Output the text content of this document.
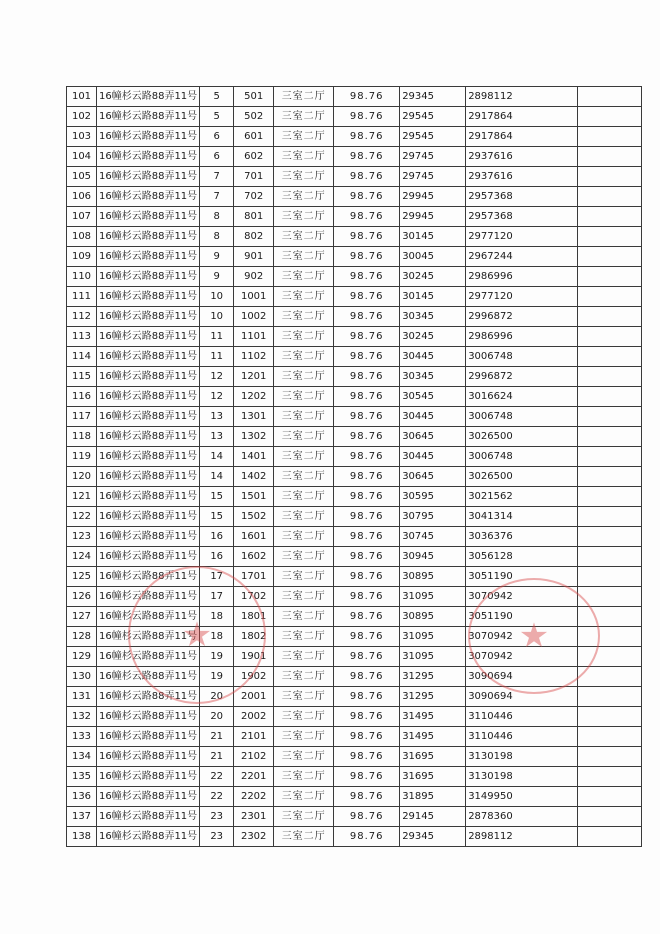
101	16幢杉云路88弄11号	5	501	三室二厅	98.76	29345	2898112	
102	16幢杉云路88弄11号	5	502	三室二厅	98.76	29545	2917864	
103	16幢杉云路88弄11号	6	601	三室二厅	98.76	29545	2917864	
104	16幢杉云路88弄11号	6	602	三室二厅	98.76	29745	2937616	
105	16幢杉云路88弄11号	7	701	三室二厅	98.76	29745	2937616	
106	16幢杉云路88弄11号	7	702	三室二厅	98.76	29945	2957368	
107	16幢杉云路88弄11号	8	801	三室二厅	98.76	29945	2957368	
108	16幢杉云路88弄11号	8	802	三室二厅	98.76	30145	2977120	
109	16幢杉云路88弄11号	9	901	三室二厅	98.76	30045	2967244	
110	16幢杉云路88弄11号	9	902	三室二厅	98.76	30245	2986996	
111	16幢杉云路88弄11号	10	1001	三室二厅	98.76	30145	2977120	
112	16幢杉云路88弄11号	10	1002	三室二厅	98.76	30345	2996872	
113	16幢杉云路88弄11号	11	1101	三室二厅	98.76	30245	2986996	
114	16幢杉云路88弄11号	11	1102	三室二厅	98.76	30445	3006748	
115	16幢杉云路88弄11号	12	1201	三室二厅	98.76	30345	2996872	
116	16幢杉云路88弄11号	12	1202	三室二厅	98.76	30545	3016624	
117	16幢杉云路88弄11号	13	1301	三室二厅	98.76	30445	3006748	
118	16幢杉云路88弄11号	13	1302	三室二厅	98.76	30645	3026500	
119	16幢杉云路88弄11号	14	1401	三室二厅	98.76	30445	3006748	
120	16幢杉云路88弄11号	14	1402	三室二厅	98.76	30645	3026500	
121	16幢杉云路88弄11号	15	1501	三室二厅	98.76	30595	3021562	
122	16幢杉云路88弄11号	15	1502	三室二厅	98.76	30795	3041314	
123	16幢杉云路88弄11号	16	1601	三室二厅	98.76	30745	3036376	
124	16幢杉云路88弄11号	16	1602	三室二厅	98.76	30945	3056128	
125	16幢杉云路88弄11号	17	1701	三室二厅	98.76	30895	3051190	
126	16幢杉云路88弄11号	17	1702	三室二厅	98.76	31095	3070942	
127	16幢杉云路88弄11号	18	1801	三室二厅	98.76	30895	3051190	
128	16幢杉云路88弄11号	18	1802	三室二厅	98.76	31095	3070942	
129	16幢杉云路88弄11号	19	1901	三室二厅	98.76	31095	3070942	
130	16幢杉云路88弄11号	19	1902	三室二厅	98.76	31295	3090694	
131	16幢杉云路88弄11号	20	2001	三室二厅	98.76	31295	3090694	
132	16幢杉云路88弄11号	20	2002	三室二厅	98.76	31495	3110446	
133	16幢杉云路88弄11号	21	2101	三室二厅	98.76	31495	3110446	
134	16幢杉云路88弄11号	21	2102	三室二厅	98.76	31695	3130198	
135	16幢杉云路88弄11号	22	2201	三室二厅	98.76	31695	3130198	
136	16幢杉云路88弄11号	22	2202	三室二厅	98.76	31895	3149950	
137	16幢杉云路88弄11号	23	2301	三室二厅	98.76	29145	2878360	
138	16幢杉云路88弄11号	23	2302	三室二厅	98.76	29345	2898112	
★	★
